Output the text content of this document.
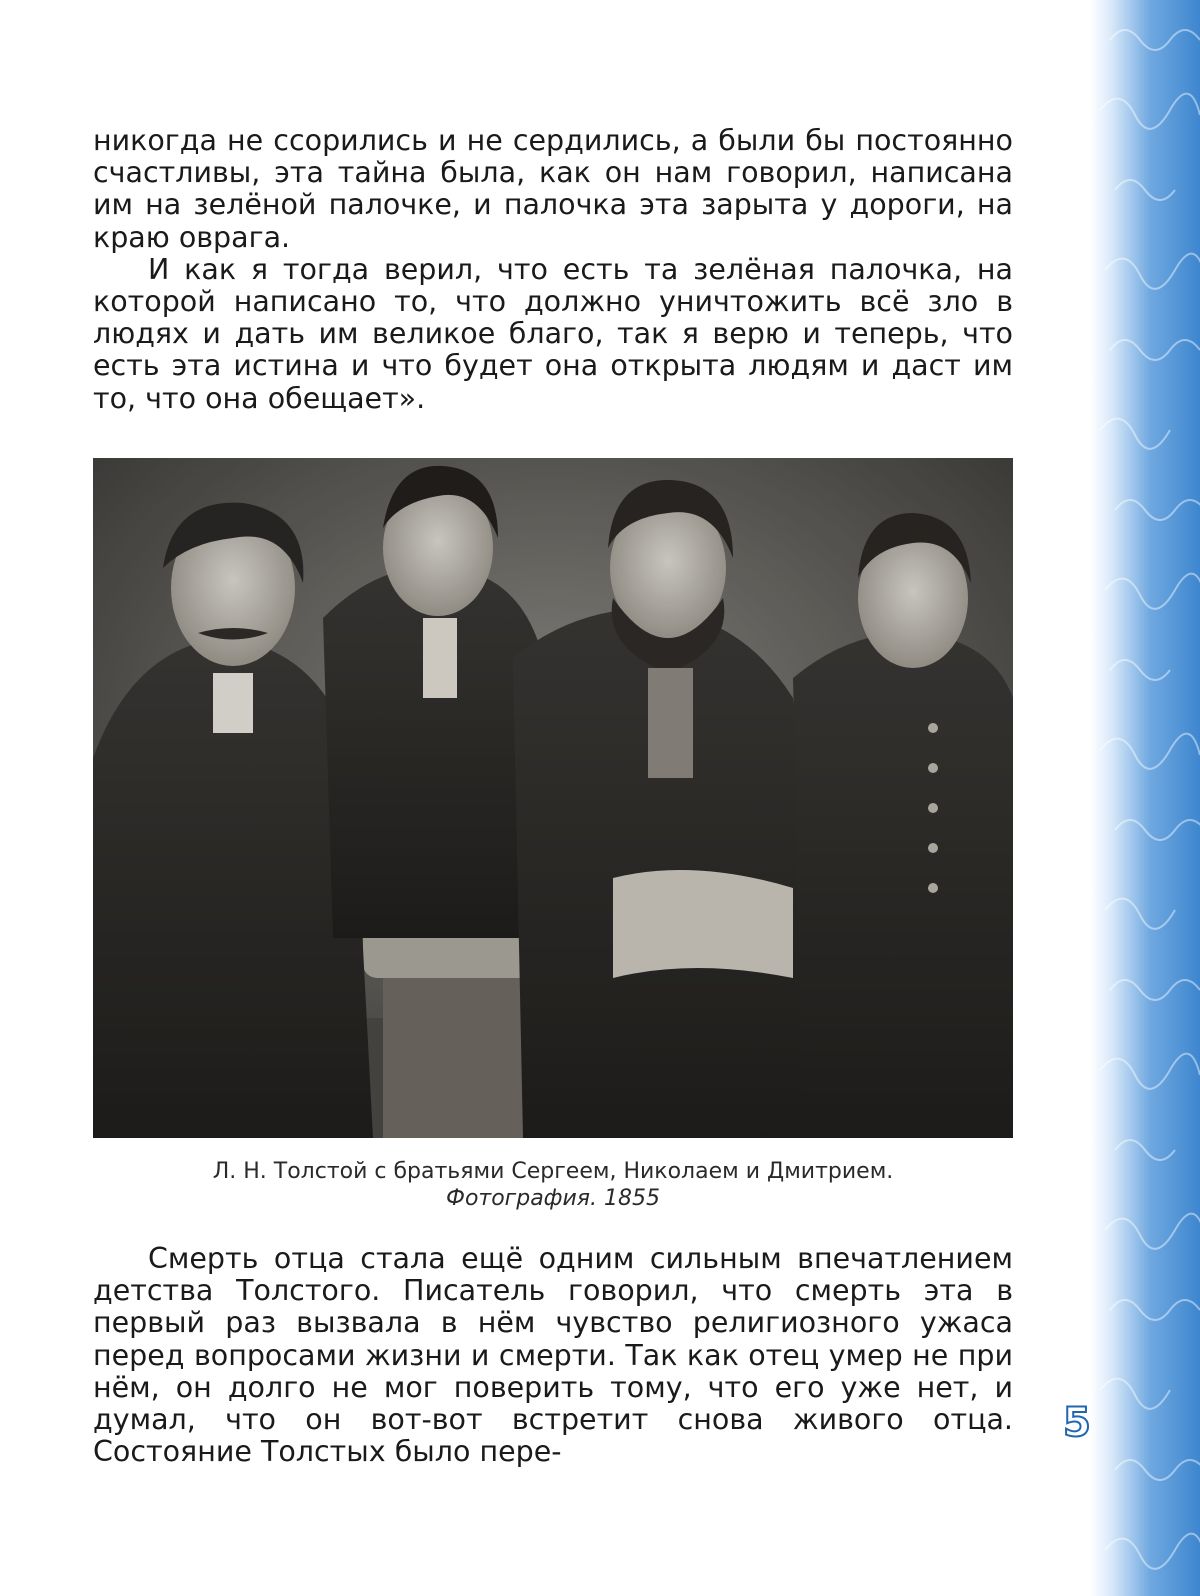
никогда не ссорились и не сердились, а были бы постоянно счастливы, эта тайна была, как он нам говорил, написана им на зелёной палочке, и палочка эта зарыта у дороги, на краю оврага.

И как я тогда верил, что есть та зелёная палочка, на которой написано то, что должно уничтожить всё зло в людях и дать им великое благо, так я верю и теперь, что есть эта истина и что будет она открыта людям и даст им то, что она обещает».

Л. Н. Толстой с братьями Сергеем, Николаем и Дмитрием.
Фотография. 1855

Смерть отца стала ещё одним сильным впечатлением детства Толстого. Писатель говорил, что смерть эта в первый раз вызвала в нём чувство религиозного ужаса перед вопросами жизни и смерти. Так как отец умер не при нём, он долго не мог поверить тому, что его уже нет, и думал, что он вот-вот встретит снова живого отца. Состояние Толстых было пере-

5
